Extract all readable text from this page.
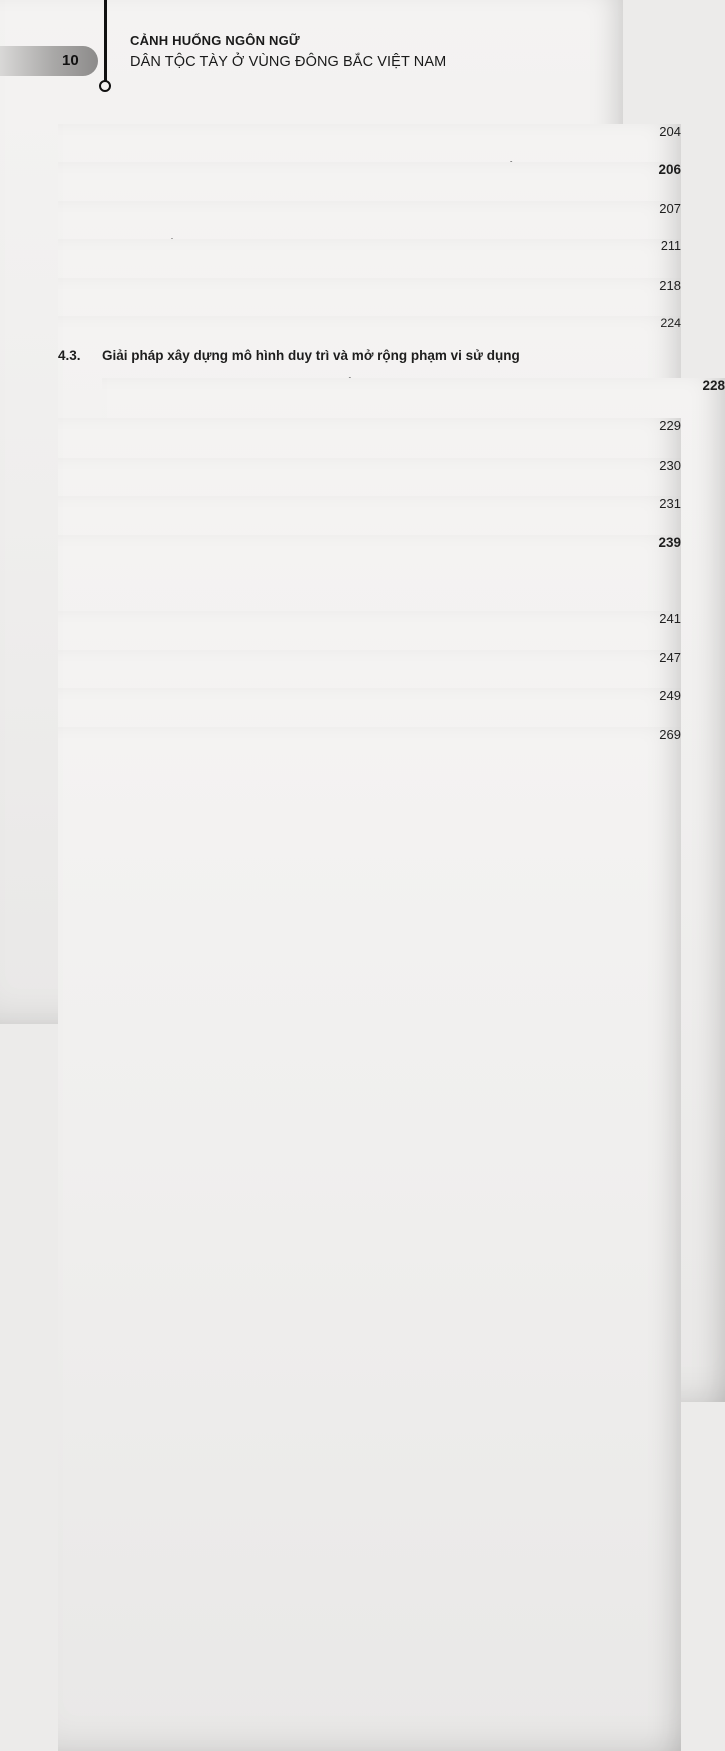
10
CẢNH HUỐNG NGÔN NGỮ
DÂN TỘC TÀY Ở VÙNG ĐÔNG BẮC VIỆT NAM
204
206
207
211
218
224
4.3. Giải pháp xây dựng mô hình duy trì và mở rộng phạm vi sử dụng
228
229
230
231
239
241
247
249
269
